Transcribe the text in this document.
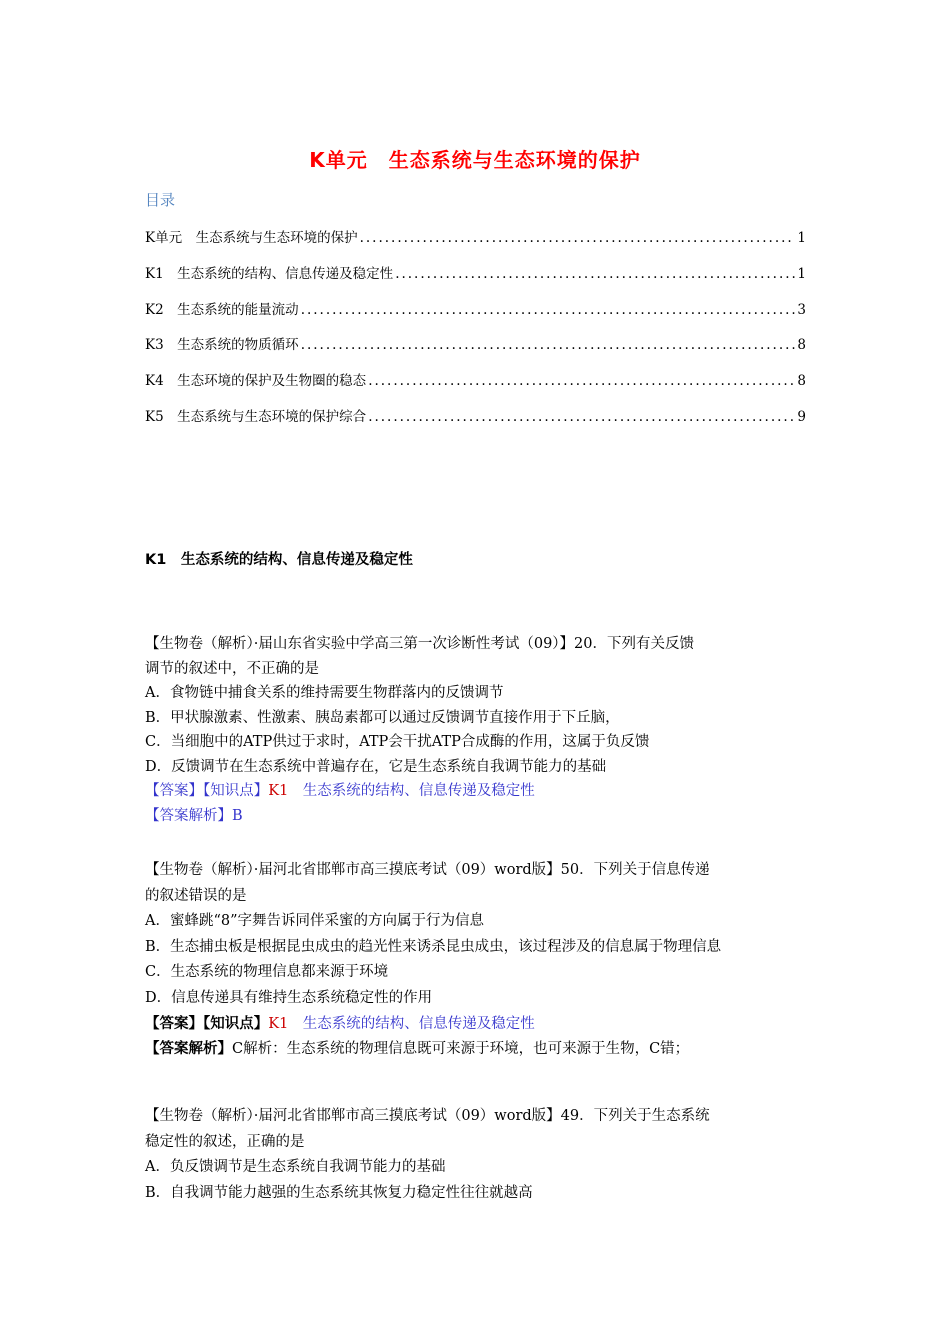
K单元　生态系统与生态环境的保护
目录
K单元　生态系统与生态环境的保护 .....	1
K1　生态系统的结构、信息传递及稳定性 .....	1
K2　生态系统的能量流动 .....	3
K3　生态系统的物质循环 .....	8
K4　生态环境的保护及生物圈的稳态 .....	8
K5　生态系统与生态环境的保护综合 .....	9
K1　生态系统的结构、信息传递及稳定性
【生物卷（解析）·届山东省实验中学高三第一次诊断性考试（09）】20．下列有关反馈
调节的叙述中，不正确的是
A．食物链中捕食关系的维持需要生物群落内的反馈调节
B．甲状腺激素、性激素、胰岛素都可以通过反馈调节直接作用于下丘脑，
C．当细胞中的ATP供过于求时，ATP会干扰ATP合成酶的作用，这属于负反馈
D．反馈调节在生态系统中普遍存在，它是生态系统自我调节能力的基础
【答案】【知识点】K1　生态系统的结构、信息传递及稳定性
【答案解析】B
【生物卷（解析）·届河北省邯郸市高三摸底考试（09）word版】50．下列关于信息传递
的叙述错误的是
A．蜜蜂跳“8”字舞告诉同伴采蜜的方向属于行为信息
B．生态捕虫板是根据昆虫成虫的趋光性来诱杀昆虫成虫，该过程涉及的信息属于物理信息
C．生态系统的物理信息都来源于环境
D．信息传递具有维持生态系统稳定性的作用
【答案】【知识点】K1　生态系统的结构、信息传递及稳定性
【答案解析】C解析：生态系统的物理信息既可来源于环境，也可来源于生物，C错；
【生物卷（解析）·届河北省邯郸市高三摸底考试（09）word版】49．下列关于生态系统
稳定性的叙述，正确的是
A．负反馈调节是生态系统自我调节能力的基础
B．自我调节能力越强的生态系统其恢复力稳定性往往就越高
